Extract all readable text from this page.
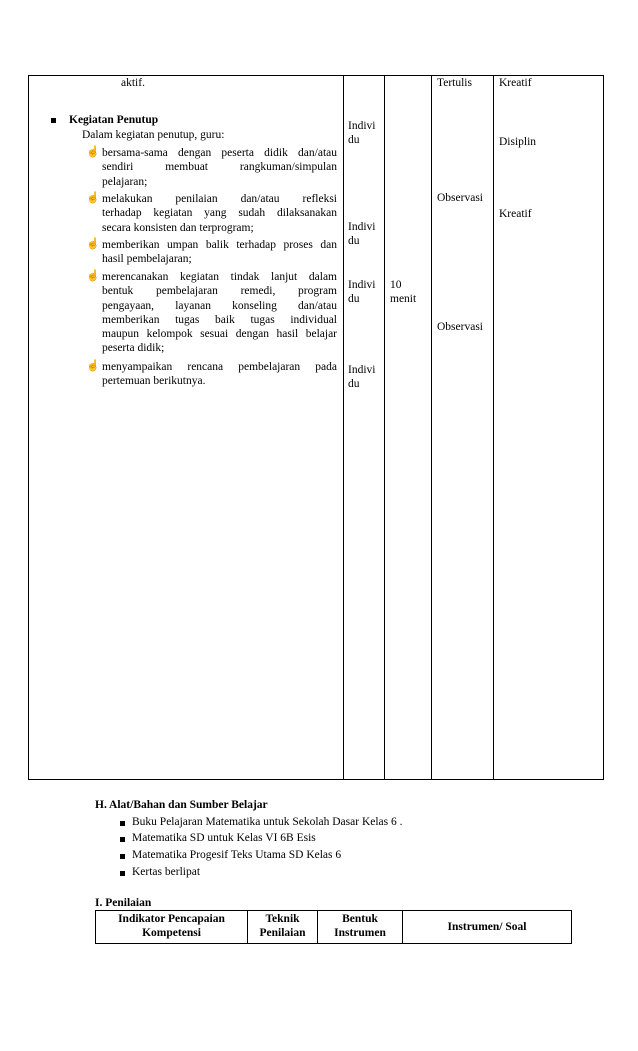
aktif.
Kegiatan Penutup
Dalam kegiatan penutup, guru:
☝ bersama-sama dengan peserta didik dan/atau
sendiri membuat rangkuman/simpulan
pelajaran;
☝ melakukan penilaian dan/atau refleksi
terhadap kegiatan yang sudah dilaksanakan
secara konsisten dan terprogram;
☝ memberikan umpan balik terhadap proses dan
hasil pembelajaran;
☝ merencanakan kegiatan tindak lanjut dalam
bentuk pembelajaran remedi, program
pengayaan, layanan konseling dan/atau
memberikan tugas baik tugas individual
maupun kelompok sesuai dengan hasil belajar
peserta didik;
☝ menyampaikan rencana pembelajaran pada
pertemuan berikutnya.
Indivi
du
Indivi
du
Indivi
du
Indivi
du
10
menit
Tertulis
Observasi
Observasi
Kreatif
Disiplin
Kreatif
H. Alat/Bahan dan Sumber Belajar
Buku Pelajaran Matematika untuk Sekolah Dasar Kelas 6 .
Matematika SD untuk Kelas VI 6B Esis
Matematika Progesif Teks Utama SD Kelas 6
Kertas berlipat
I. Penilaian
Indikator Pencapaian
Kompetensi
Teknik
Penilaian
Bentuk
Instrumen	Instrumen/ Soal
